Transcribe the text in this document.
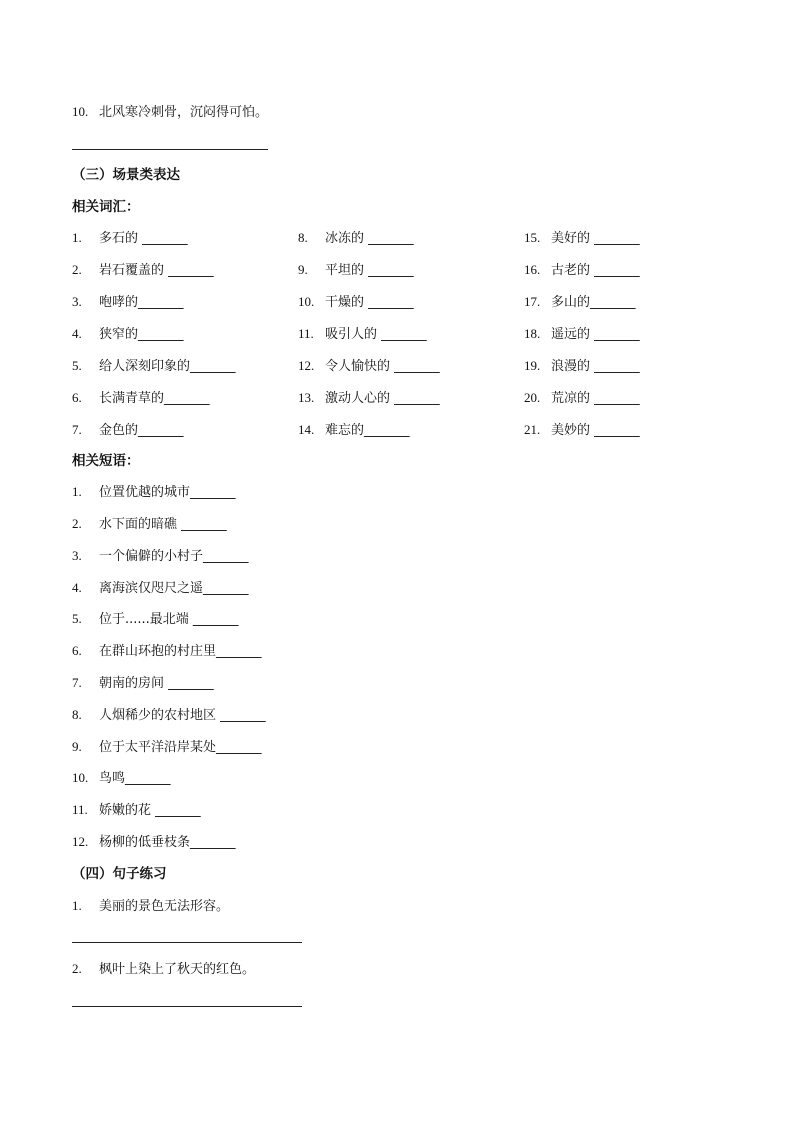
10. 北风寒冷刺骨，沉闷得可怕。
（三）场景类表达
相关词汇：
1. 多石的 _______	8. 冰冻的 _______	15. 美好的 _______
2. 岩石覆盖的 _______	9. 平坦的 _______	16. 古老的 _______
3. 咆哮的_______	10. 干燥的 _______	17. 多山的_______
4. 狭窄的_______	11. 吸引人的 _______	18. 遥远的 _______
5. 给人深刻印象的_______	12. 令人愉快的 _______	19. 浪漫的 _______
6. 长满青草的_______	13. 激动人心的 _______	20. 荒凉的 _______
7. 金色的_______	14. 难忘的_______	21. 美妙的 _______
相关短语：
1. 位置优越的城市_______
2. 水下面的暗礁 _______
3. 一个偏僻的小村子_______
4. 离海滨仅咫尺之遥_______
5. 位于......最北端 _______
6. 在群山环抱的村庄里_______
7. 朝南的房间 _______
8. 人烟稀少的农村地区 _______
9. 位于太平洋沿岸某处_______
10. 鸟鸣_______
11. 娇嫩的花 _______
12. 杨柳的低垂枝条_______
（四）句子练习
1. 美丽的景色无法形容。
2. 枫叶上染上了秋天的红色。
